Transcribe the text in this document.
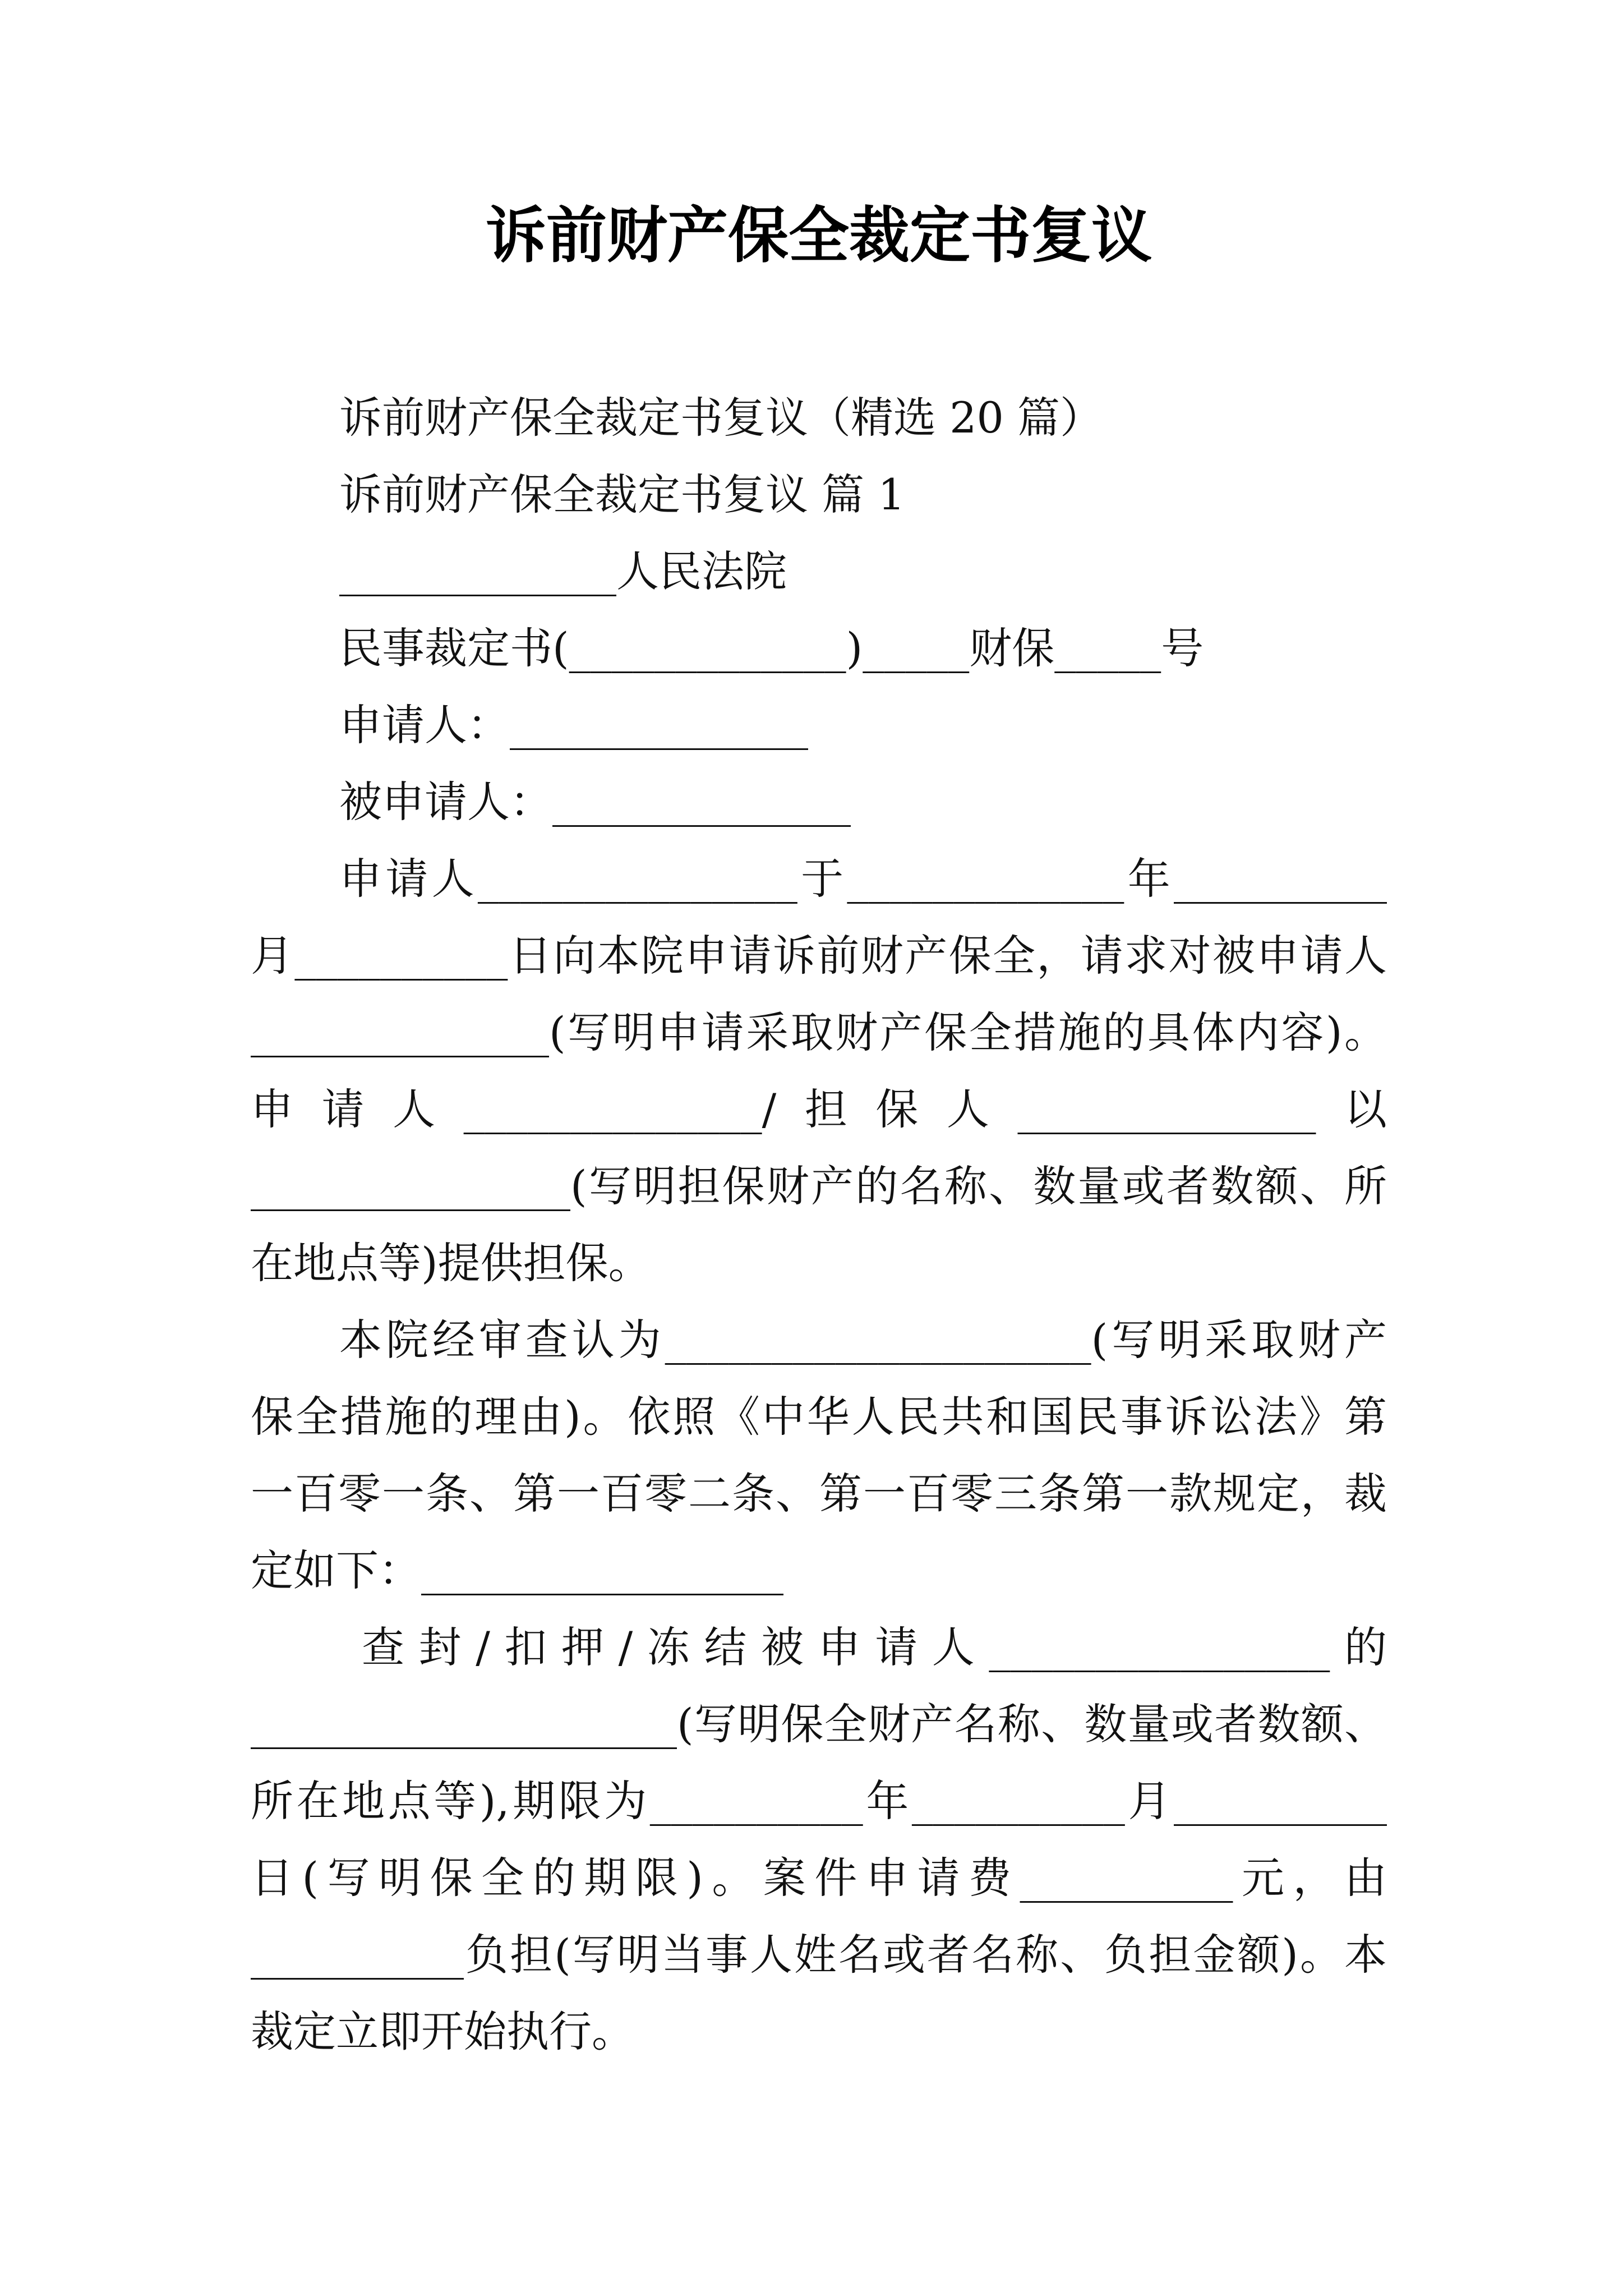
诉前财产保全裁定书复议
诉前财产保全裁定书复议（精选 20 篇）
诉前财产保全裁定书复议 篇 1
_____________人民法院
民事裁定书(_____________)_____财保_____号
申请人：______________
被申请人：______________
申请人_______________于_____________年__________
月__________日向本院申请诉前财产保全，请求对被申请人
______________(写明申请采取财产保全措施的具体内容)。
申请人______________/担保人______________以
_______________(写明担保财产的名称、数量或者数额、所
在地点等)提供担保。
本院经审查认为____________________(写明采取财产
保全措施的理由)。依照《中华人民共和国民事诉讼法》第
一百零一条、第一百零二条、第一百零三条第一款规定，裁
定如下：_________________
查封/扣押/冻结被申请人________________的
____________________(写明保全财产名称、数量或者数额、
所在地点等),期限为__________年__________月__________
日(写明保全的期限)。案件申请费__________元，由
__________负担(写明当事人姓名或者名称、负担金额)。本
裁定立即开始执行。
